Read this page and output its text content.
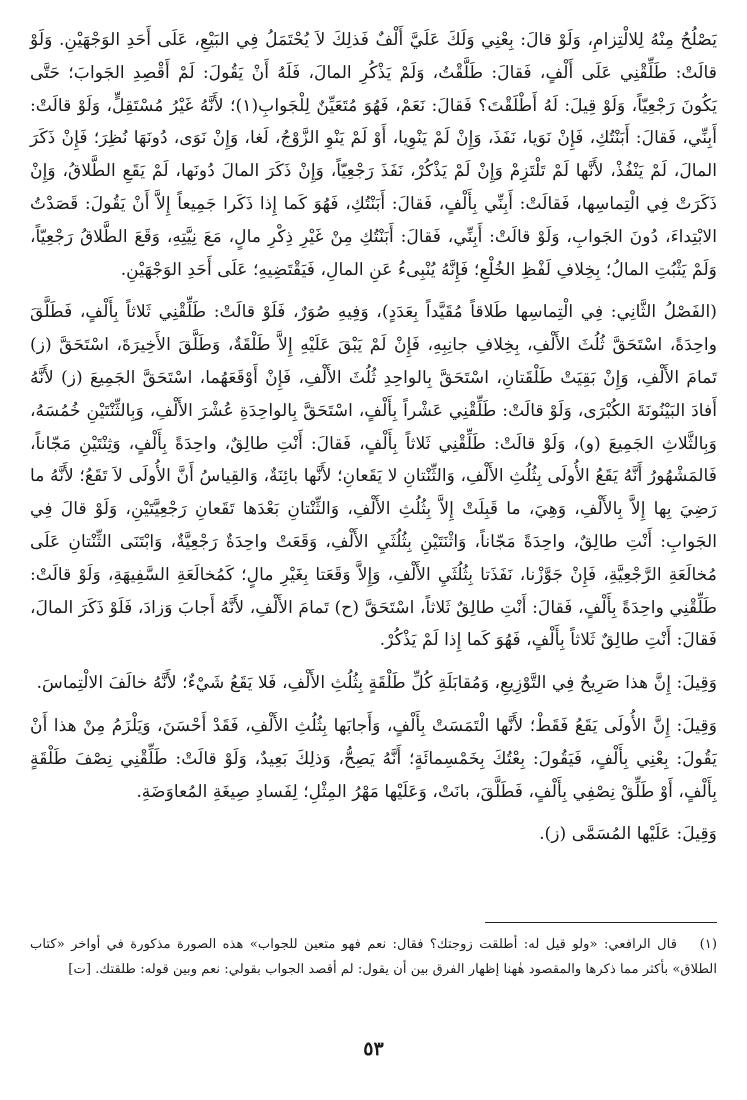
يَصْلُحُ مِنْهُ لِلالْتِزامِ، وَلَوْ قالَ: بِعْنِي وَلَكَ عَلَيَّ أَلْفٌ فَذلِكَ لاَ يُحْتَمَلُ فِي البَيْعِ، عَلَى أَحَدِ الوَجْهَيْنِ. وَلَوْ قالَتْ: طَلِّقْنِي عَلَى أَلْفٍ، فَقالَ: طَلَّقْتُ، وَلَمْ يَذْكُرِ المالَ، فَلَهُ أَنْ يَقُولَ: لَمْ أَقْصِدِ الجَوابَ؛ حَتَّى يَكُونَ رَجْعِيّاً، وَلَوْ قِيلَ: لَهُ أَطْلَقْتَ؟ فَقالَ: نَعَمْ، فَهُوَ مُتَعَيِّنٌ لِلْجَوابِ(١)؛ لأَنَّهُ غَيْرُ مُسْتَقِلٍّ، وَلَوْ قالَتْ: أَبِنِّي، فَقالَ: أَبَنْتُكِ، فَإِنْ نَوَيا، نَفَذَ، وَإِنْ لَمْ يَنْوِيا، أَوْ لَمْ يَنْوِ الزَّوْجُ، لَغا، وَإِنْ نَوَى، دُونَهَا نُظِرَ؛ فَإِنْ ذَكَرَ المالَ، لَمْ يَنْفُذْ، لأَنَّها لَمْ تَلْتَزِمْ وَإِنْ لَمْ يَذْكُرْ، نَفَذَ رَجْعِيّاً، وَإِنْ ذَكَرَ المالَ دُونَها، لَمْ يَقَعِ الطَّلاقُ، وَإِنْ ذَكَرَتْ فِي الْتِماسِها، فَقالَتْ: أَبِنِّي بِأَلْفٍ، فَقالَ: أَبَنْتُكِ، فَهُوَ كَما إِذا ذَكَرا جَمِيعاً إِلاَّ أَنْ يَقُولَ: قَصَدْتُ الابْتِداءَ، دُونَ الجَوابِ، وَلَوْ قالَتْ: أَبِنِّي، فَقالَ: أَبَنْتُكِ مِنْ غَيْرِ ذِكْرِ مالٍ، مَعَ نِيَّتِهِ، وَقَعَ الطَّلاقُ رَجْعِيّاً، وَلَمْ يَثْبُتِ المالُ؛ بِخِلافِ لَفْظِ الخُلْعِ؛ فَإِنَّهُ يُنْبِىءُ عَنِ المالِ، فَيَقْتَضِيهِ؛ عَلَى أَحَدِ الوَجْهَيْنِ.

(الفَصْلُ الثَّانِي: فِي الْتِماسِها طَلاقاً مُقَيَّداً بِعَدَدٍ)، وَفِيهِ صُوَرٌ، فَلَوْ قالَتْ: طَلِّقْنِي ثَلاثاً بِأَلْفٍ، فَطَلَّقَ واحِدَةً، اسْتَحَقَّ ثُلُثَ الأَلْفِ، بِخِلافِ جانِبِهِ، فَإِنْ لَمْ يَبْقَ عَلَيْهِ إِلاَّ طَلْقَةٌ، وَطَلَّقَ الأَخِيرَةَ، اسْتَحَقَّ (ز) تَمامَ الأَلْفِ، وَإِنْ بَقِيَتْ طَلْقَتانِ، اسْتَحَقَّ بِالواحِدِ ثُلُثَ الأَلْفِ، فَإِنْ أَوْقَعَهُما، اسْتَحَقَّ الجَمِيعَ (ز) لأَنَّهُ أَفادَ البَيْنُونَةَ الكُبْرَى، وَلَوْ قالَتْ: طَلِّقْنِي عَشْراً بِأَلْفٍ، اسْتَحَقَّ بِالواحِدَةِ عُشْرَ الأَلْفِ، وَبِالثِّنْتَيْنِ خُمُسَهُ، وَبِالثَّلاثِ الجَمِيعَ (و)، وَلَوْ قالَتْ: طَلِّقْنِي ثَلاثاً بِأَلْفٍ، فَقالَ: أَنْتِ طالِقٌ، واحِدَةً بِأَلْفٍ، وَثِنْتَيْنِ مَجّاناً، فَالمَشْهُورُ أَنَّهُ يَقَعُ الأُولَى بِثُلُثِ الأَلْفِ، وَالثِّنْتانِ لا يَقَعانِ؛ لأَنَّها بائِنَةٌ، وَالقِياسُ أَنَّ الأُولَى لاَ تَقَعُ؛ لأَنَّهُ ما رَضِيَ بِها إِلاَّ بِالأَلْفِ، وَهِيَ، ما قَبِلَتْ إِلاَّ بِثُلُثِ الأَلْفِ، وَالثِّنْتانِ بَعْدَها تَقَعانِ رَجْعِيَّتَيْنِ، وَلَوْ قالَ فِي الجَوابِ: أَنْتِ طالِقٌ، واحِدَةً مَجّاناً، وَاثْنَتَيْنِ بِثُلُثَيِ الأَلْفِ، وَقَعَتْ واحِدَةٌ رَجْعِيَّةٌ، وَابْتَنَى الثِّنْتانِ عَلَى مُخالَعَةِ الرَّجْعِيَّةِ، فَإِنْ جَوَّزْنا، نَفَذَتا بِثُلُثَيِ الأَلْفِ، وَإِلاَّ وَقَعَتا بِغَيْرِ مالٍ؛ كَمُخالَعَةِ السَّفِيهَةِ، وَلَوْ قالَتْ: طَلِّقْنِي واحِدَةً بِأَلْفٍ، فَقالَ: أَنْتِ طالِقٌ ثَلاثاً، اسْتَحَقَّ (ح) تَمامَ الأَلْفِ، لأَنَّهُ أَجابَ وَزادَ، فَلَوْ ذَكَرَ المالَ، فَقالَ: أَنْتِ طالِقٌ ثَلاثاً بِأَلْفٍ، فَهُوَ كَما إِذا لَمْ يَذْكُرْ.

وَقِيلَ: إِنَّ هذا صَرِيحٌ فِي التَّوْزِيعِ، وَمُقابَلَةِ كُلِّ طَلْقَةٍ بِثُلُثِ الأَلْفِ، فَلا يَقَعُ شَيْءٌ؛ لأَنَّهُ خالَفَ الالْتِماسَ.

وَقِيلَ: إِنَّ الأُولَى يَقَعُ فَقَطْ؛ لأَنَّها الْتَمَسَتْ بِأَلْفٍ، وَأَجابَها بِثُلُثِ الأَلْفِ، فَقَدْ أَحْسَنَ، وَيَلْزَمُ مِنْ هذا أَنْ يَقُولَ: بِعْنِي بِأَلْفٍ، فَيَقُولَ: بِعْتُكَ بِخَمْسِمائَةٍ؛ أَنَّهُ يَصِحُّ، وَذلِكَ بَعِيدٌ، وَلَوْ قالَتْ: طَلِّقْنِي نِصْفَ طَلْقَةٍ بِأَلْفٍ، أَوْ طَلِّقْ نِصْفِي بِأَلْفٍ، فَطَلَّقَ، بانَتْ، وَعَلَيْها مَهْرُ المِثْلِ؛ لِفَسادِ صِيغَةِ المُعاوَضَةِ.

وَقِيلَ: عَلَيْها المُسَمَّى (ز).

(١)قال الرافعي: «ولو قيل له: أطلقت زوجتك؟ فقال: نعم فهو متعين للجواب» هذه الصورة مذكورة في أواخر «كتاب الطلاق» بأكثر مما ذكرها والمقصود هٰهنا إظهار الفرق بين أن يقول: لم أقصد الجواب بقولي: نعم وبين قوله: طلقتك. [ت]
٥٣
